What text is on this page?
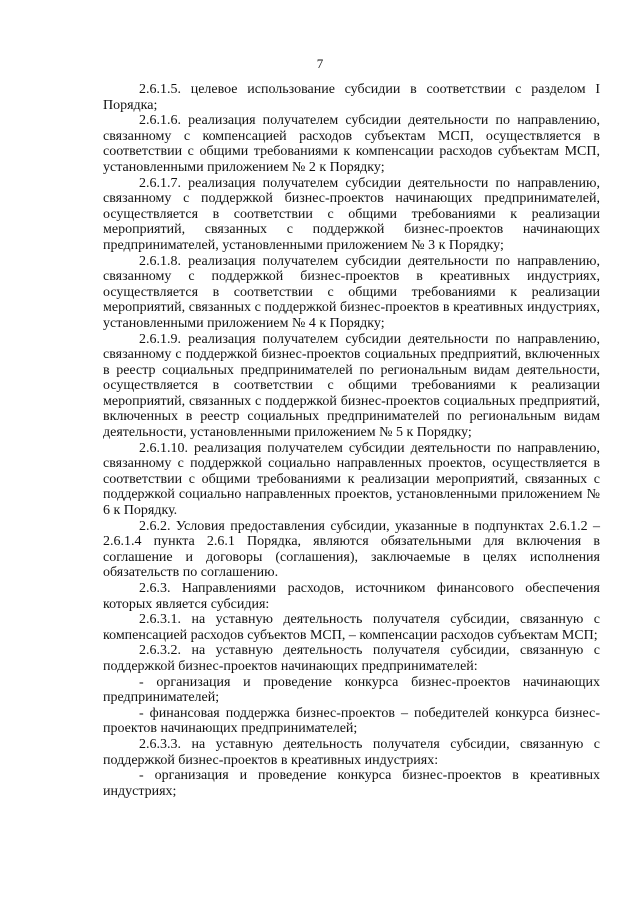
7

2.6.1.5. целевое использование субсидии в соответствии с разделом I Порядка;

2.6.1.6. реализация получателем субсидии деятельности по направлению, связанному с компенсацией расходов субъектам МСП, осуществляется в соответствии с общими требованиями к компенсации расходов субъектам МСП, установленными приложением № 2 к Порядку;

2.6.1.7. реализация получателем субсидии деятельности по направлению, связанному с поддержкой бизнес-проектов начинающих предпринимателей, осуществляется в соответствии с общими требованиями к реализации мероприятий, связанных с поддержкой бизнес-проектов начинающих предпринимателей, установленными приложением № 3 к Порядку;

2.6.1.8. реализация получателем субсидии деятельности по направлению, связанному с поддержкой бизнес-проектов в креативных индустриях, осуществляется в соответствии с общими требованиями к реализации мероприятий, связанных с поддержкой бизнес-проектов в креативных индустриях, установленными приложением № 4 к Порядку;

2.6.1.9. реализация получателем субсидии деятельности по направлению, связанному с поддержкой бизнес-проектов социальных предприятий, включенных в реестр социальных предпринимателей по региональным видам деятельности, осуществляется в соответствии с общими требованиями к реализации мероприятий, связанных с поддержкой бизнес-проектов социальных предприятий, включенных в реестр социальных предпринимателей по региональным видам деятельности, установленными приложением № 5 к Порядку;

2.6.1.10. реализация получателем субсидии деятельности по направлению, связанному с поддержкой социально направленных проектов, осуществляется в соответствии с общими требованиями к реализации мероприятий, связанных с поддержкой социально направленных проектов, установленными приложением № 6 к Порядку.

2.6.2. Условия предоставления субсидии, указанные в подпунктах 2.6.1.2 – 2.6.1.4 пункта 2.6.1 Порядка, являются обязательными для включения в соглашение и договоры (соглашения), заключаемые в целях исполнения обязательств по соглашению.

2.6.3. Направлениями расходов, источником финансового обеспечения которых является субсидия:

2.6.3.1. на уставную деятельность получателя субсидии, связанную с компенсацией расходов субъектов МСП, – компенсации расходов субъектам МСП;

2.6.3.2. на уставную деятельность получателя субсидии, связанную с поддержкой бизнес-проектов начинающих предпринимателей:

- организация и проведение конкурса бизнес-проектов начинающих предпринимателей;

- финансовая поддержка бизнес-проектов – победителей конкурса бизнес-проектов начинающих предпринимателей;

2.6.3.3. на уставную деятельность получателя субсидии, связанную с поддержкой бизнес-проектов в креативных индустриях:

- организация и проведение конкурса бизнес-проектов в креативных индустриях;
